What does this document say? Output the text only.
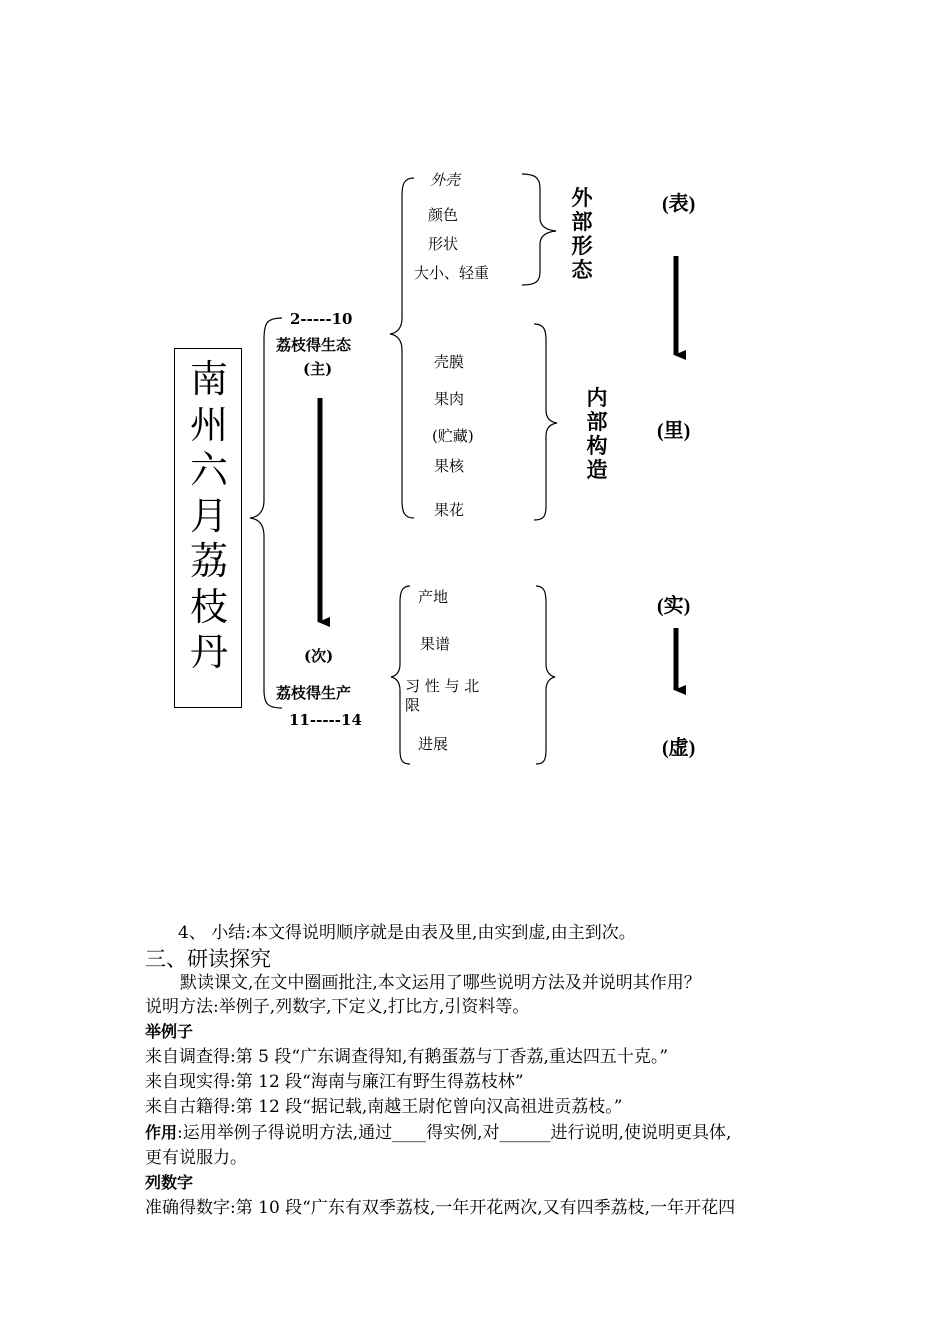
南
州
六
月
荔
枝
丹
2-----10
荔枝得生态
(主)
(次)
荔枝得生产
11-----14
外壳
颜色
形状
大小、轻重
外部形态
壳膜
果肉
(贮藏)
果核
果花
内部构造
产地
果谱
习 性 与 北
限
进展
(表)
(里)
(实)
(虚)
4、 小结:本文得说明顺序就是由表及里,由实到虚,由主到次。
三、研读探究
默读课文,在文中圈画批注,本文运用了哪些说明方法及并说明其作用？
说明方法:举例子,列数字,下定义,打比方,引资料等。
举例子
来自调查得:第 5 段“广东调查得知,有鹅蛋荔与丁香荔,重达四五十克。”
来自现实得:第 12 段“海南与廉江有野生得荔枝林”
来自古籍得:第 12 段“据记载,南越王尉佗曾向汉高祖进贡荔枝。”
作用:运用举例子得说明方法,通过____得实例,对______进行说明,使说明更具体,
更有说服力。
列数字
准确得数字:第 10 段“广东有双季荔枝,一年开花两次,又有四季荔枝,一年开花四
